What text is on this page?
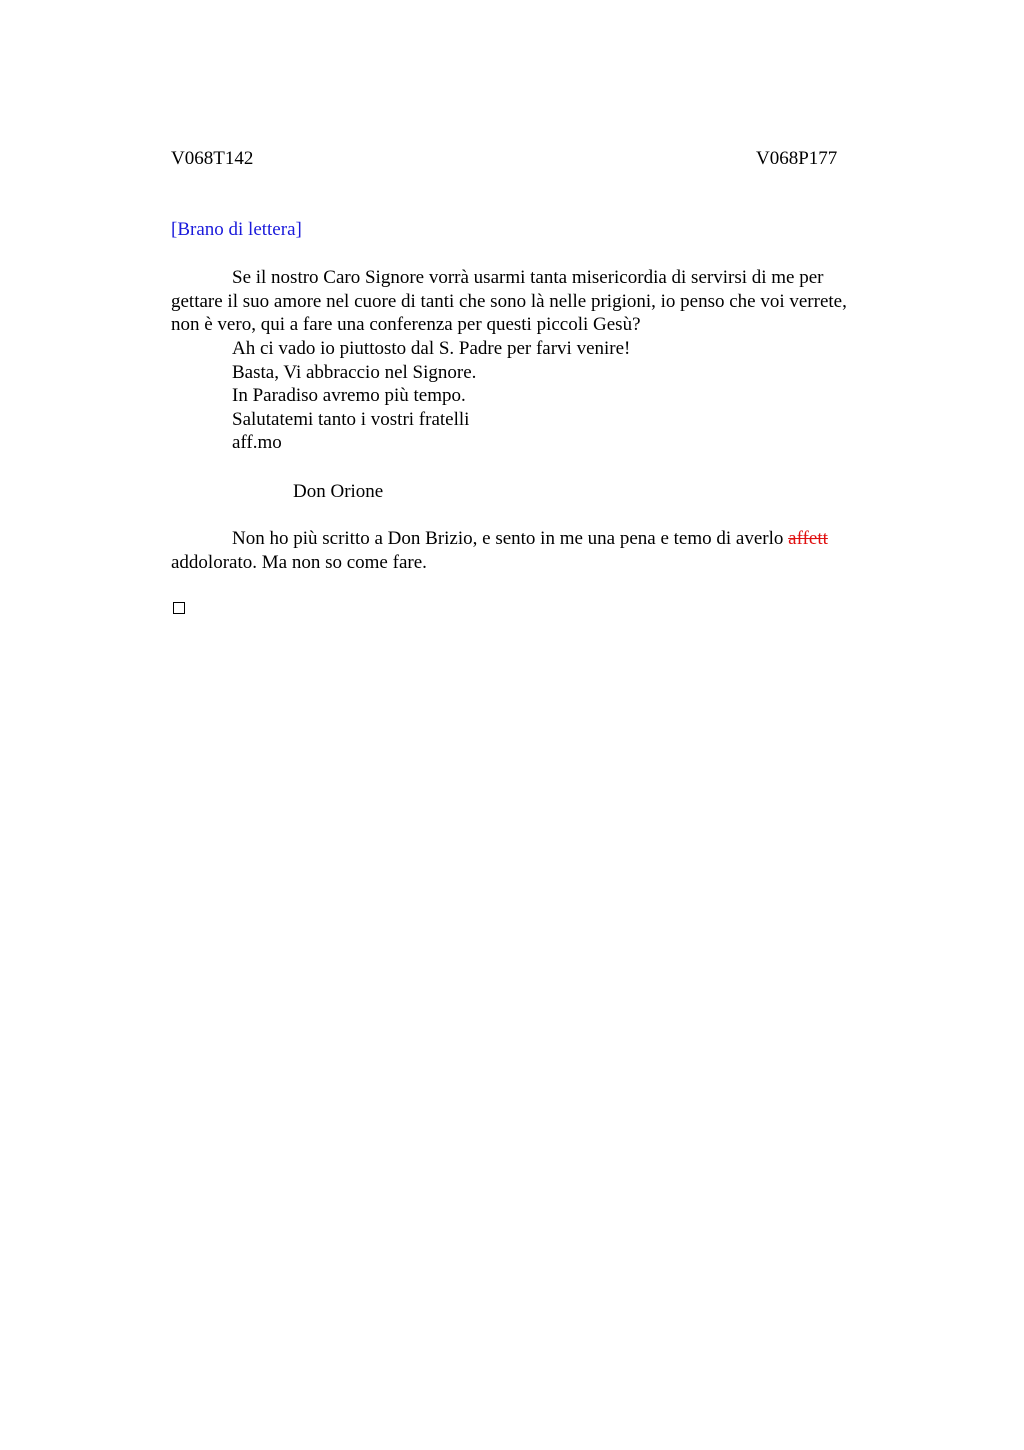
V068T142	V068P177
[Brano di lettera]
Se il nostro Caro Signore vorrà usarmi tanta misericordia di servirsi di me per
gettare il suo amore nel cuore di tanti che sono là nelle prigioni, io penso che voi verrete,
non è vero, qui a fare una conferenza per questi piccoli Gesù?
Ah ci vado io piuttosto dal S. Padre per farvi venire!
Basta, Vi abbraccio nel Signore.
In Paradiso avremo più tempo.
Salutatemi tanto i vostri fratelli
aff.mo
Don Orione
Non ho più scritto a Don Brizio, e sento in me una pena e temo di averlo affett
addolorato. Ma non so come fare.
